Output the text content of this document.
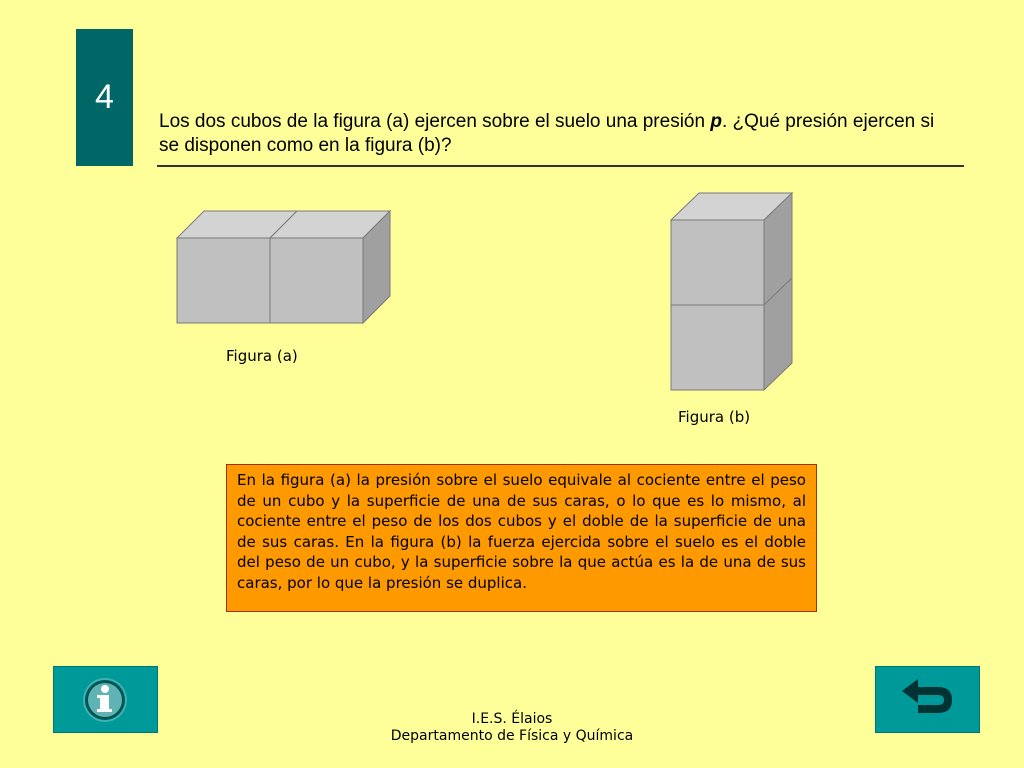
4
Los dos cubos de la figura (a) ejercen sobre el suelo una presión p. ¿Qué presión ejercen si se disponen como en la figura (b)?
Figura (a)
Figura (b)
En la figura (a) la presión sobre el suelo equivale al cociente entre el peso de un cubo y la superficie de una de sus caras, o lo que es lo mismo, al cociente entre el peso de los dos cubos y el doble de la superficie de una de sus caras. En la figura (b) la fuerza ejercida sobre el suelo es el doble del peso de un cubo, y la superficie sobre la que actúa es la de una de sus caras, por lo que la presión se duplica.
I.E.S. Élaios
Departamento de Física y Química
